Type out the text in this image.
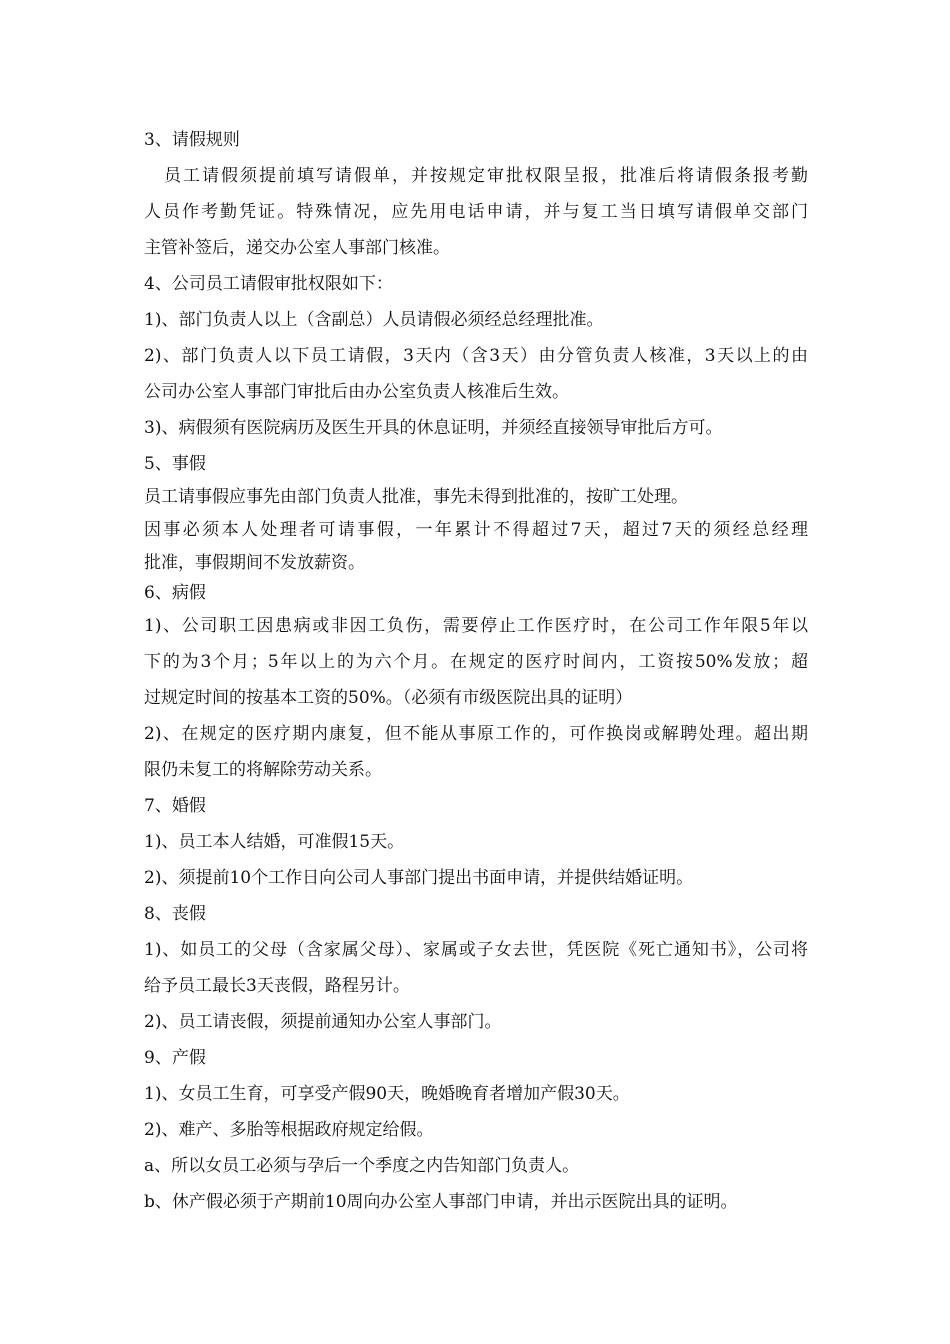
3、请假规则
员工请假须提前填写请假单，并按规定审批权限呈报，批准后将请假条报考勤
人员作考勤凭证。特殊情况，应先用电话申请，并与复工当日填写请假单交部门
主管补签后，递交办公室人事部门核准。
4、公司员工请假审批权限如下：
1)、部门负责人以上（含副总）人员请假必须经总经理批准。
2)、部门负责人以下员工请假，3天内（含3天）由分管负责人核准，3天以上的由
公司办公室人事部门审批后由办公室负责人核准后生效。
3)、病假须有医院病历及医生开具的休息证明，并须经直接领导审批后方可。
5、事假
员工请事假应事先由部门负责人批准，事先未得到批准的，按旷工处理。
因事必须本人处理者可请事假，一年累计不得超过7天，超过7天的须经总经理
批准，事假期间不发放薪资。
6、病假
1)、公司职工因患病或非因工负伤，需要停止工作医疗时，在公司工作年限5年以
下的为3个月；5年以上的为六个月。在规定的医疗时间内，工资按50%发放；超
过规定时间的按基本工资的50%。（必须有市级医院出具的证明）
2)、在规定的医疗期内康复，但不能从事原工作的，可作换岗或解聘处理。超出期
限仍未复工的将解除劳动关系。
7、婚假
1)、员工本人结婚，可准假15天。
2)、须提前10个工作日向公司人事部门提出书面申请，并提供结婚证明。
8、丧假
1)、如员工的父母（含家属父母）、家属或子女去世，凭医院《死亡通知书》，公司将
给予员工最长3天丧假，路程另计。
2)、员工请丧假，须提前通知办公室人事部门。
9、产假
1)、女员工生育，可享受产假90天，晚婚晚育者增加产假30天。
2)、难产、多胎等根据政府规定给假。
a、所以女员工必须与孕后一个季度之内告知部门负责人。
b、休产假必须于产期前10周向办公室人事部门申请，并出示医院出具的证明。
